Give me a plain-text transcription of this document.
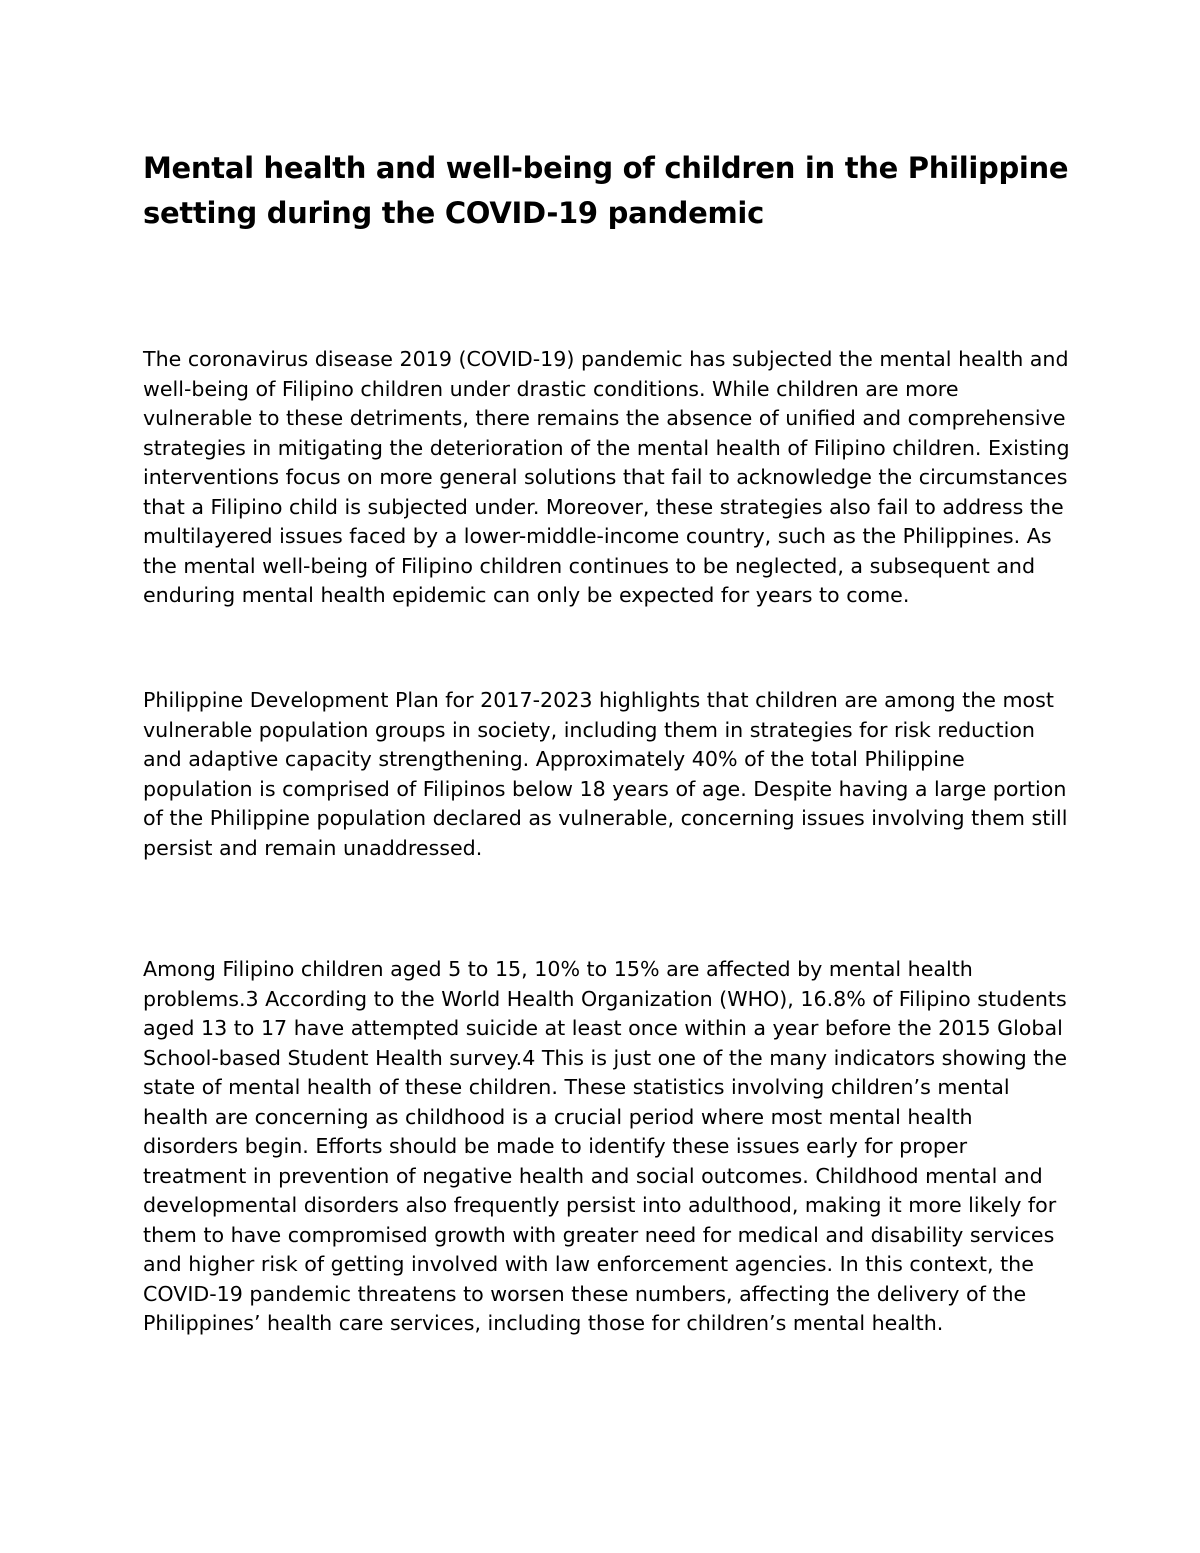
Mental health and well-being of children in the Philippine setting during the COVID-19 pandemic

The coronavirus disease 2019 (COVID-19) pandemic has subjected the mental health and well-being of Filipino children under drastic conditions. While children are more vulnerable to these detriments, there remains the absence of unified and comprehensive strategies in mitigating the deterioration of the mental health of Filipino children. Existing interventions focus on more general solutions that fail to acknowledge the circumstances that a Filipino child is subjected under. Moreover, these strategies also fail to address the multilayered issues faced by a lower-middle-income country, such as the Philippines. As the mental well-being of Filipino children continues to be neglected, a subsequent and enduring mental health epidemic can only be expected for years to come.

Philippine Development Plan for 2017-2023 highlights that children are among the most vulnerable population groups in society, including them in strategies for risk reduction and adaptive capacity strengthening. Approximately 40% of the total Philippine population is comprised of Filipinos below 18 years of age. Despite having a large portion of the Philippine population declared as vulnerable, concerning issues involving them still persist and remain unaddressed.

Among Filipino children aged 5 to 15, 10% to 15% are affected by mental health problems.3 According to the World Health Organization (WHO), 16.8% of Filipino students aged 13 to 17 have attempted suicide at least once within a year before the 2015 Global School-based Student Health survey.4 This is just one of the many indicators showing the state of mental health of these children. These statistics involving children’s mental health are concerning as childhood is a crucial period where most mental health disorders begin. Efforts should be made to identify these issues early for proper treatment in prevention of negative health and social outcomes. Childhood mental and developmental disorders also frequently persist into adulthood, making it more likely for them to have compromised growth with greater need for medical and disability services and higher risk of getting involved with law enforcement agencies. In this context, the COVID-19 pandemic threatens to worsen these numbers, affecting the delivery of the Philippines’ health care services, including those for children’s mental health.
